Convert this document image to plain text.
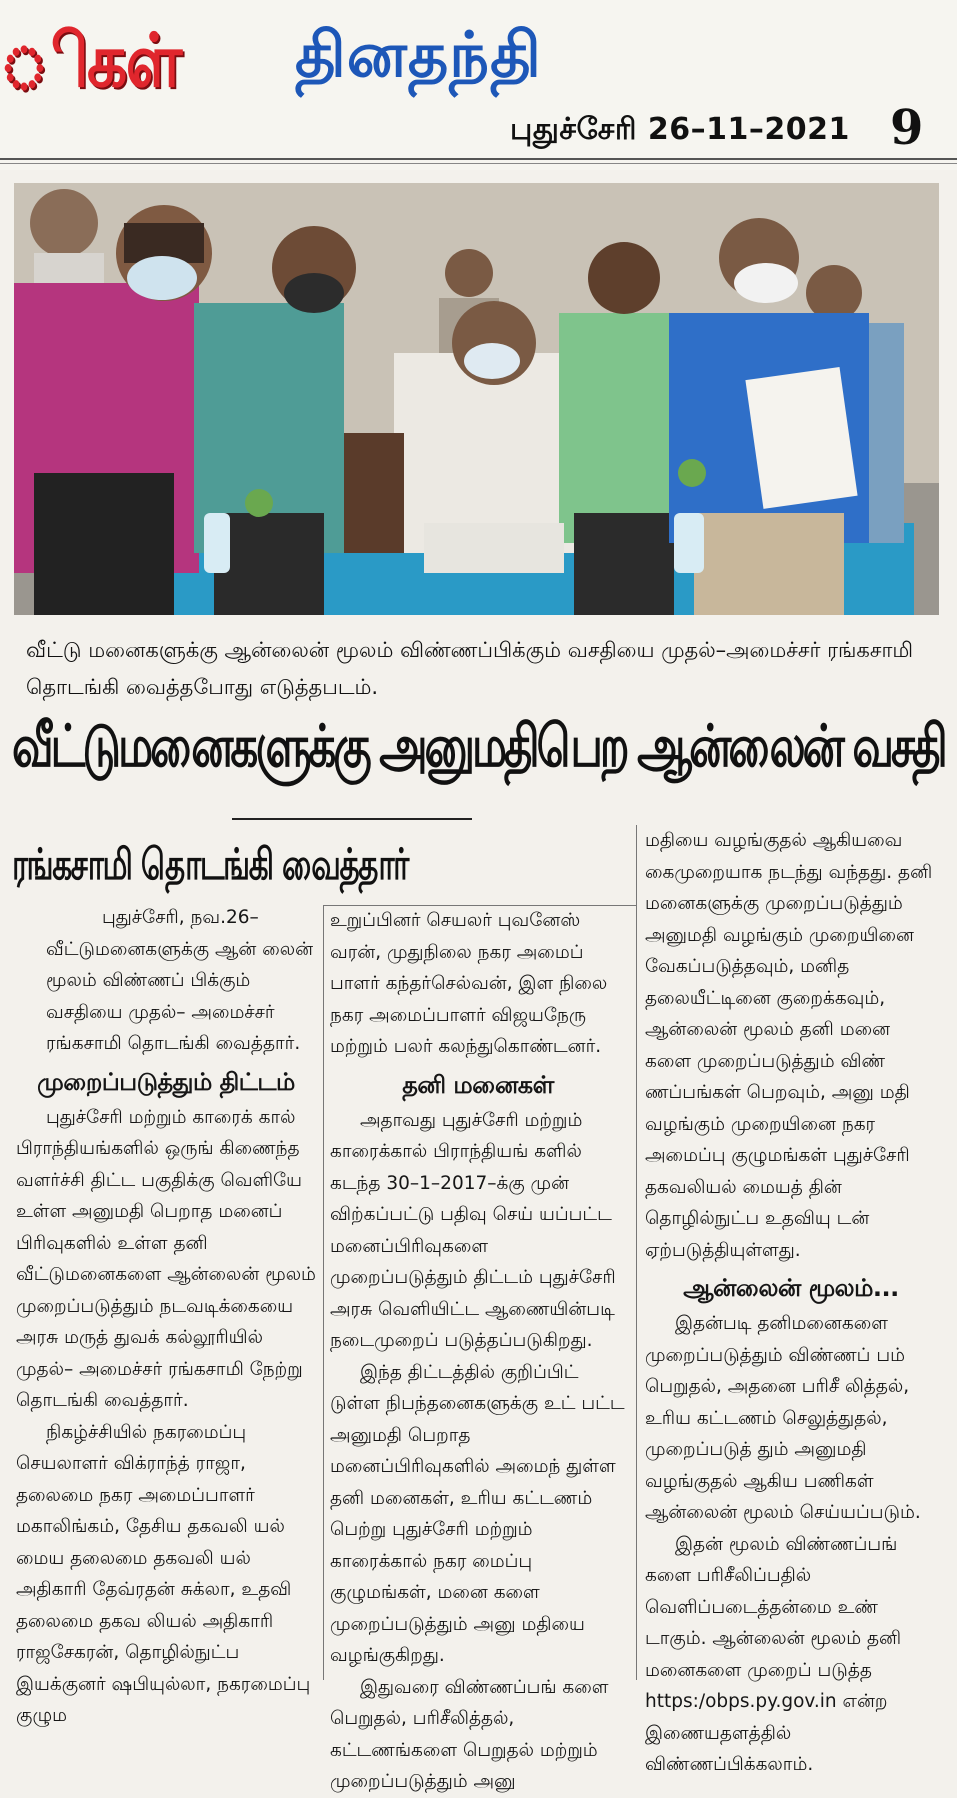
ிகள் தினதந்தி
புதுச்சேரி 26–11–2021 9
வீட்டு மனைகளுக்கு ஆன்லைன் மூலம் விண்ணப்பிக்கும் வசதியை முதல்–அமைச்சர் ரங்கசாமி தொடங்கி வைத்தபோது எடுத்தபடம்.
வீட்டுமனைகளுக்கு அனுமதிபெற ஆன்லைன் வசதி
ரங்கசாமி தொடங்கி வைத்தார்

புதுச்சேரி, நவ.26–

வீட்டுமனைகளுக்கு ஆன் லைன் மூலம் விண்ணப் பிக்கும் வசதியை முதல்– அமைச்சர் ரங்கசாமி தொடங்கி வைத்தார்.

முறைப்படுத்தும் திட்டம்

புதுச்சேரி மற்றும் காரைக் கால் பிராந்தியங்களில் ஒருங் கிணைந்த வளர்ச்சி திட்ட பகுதிக்கு வெளியே உள்ள அனுமதி பெறாத மனைப் பிரிவுகளில் உள்ள தனி வீட்டுமனைகளை ஆன்லைன் மூலம் முறைப்படுத்தும் நடவடிக்கையை அரசு மருத் துவக் கல்லூரியில் முதல்– அமைச்சர் ரங்கசாமி நேற்று தொடங்கி வைத்தார்.

நிகழ்ச்சியில் நகரமைப்பு செயலாளர் விக்ராந்த் ராஜா, தலைமை நகர அமைப்பாளர் மகாலிங்கம், தேசிய தகவலி யல் மைய தலைமை தகவலி யல் அதிகாரி தேவ்ரதன் சுக்லா, உதவி தலைமை தகவ லியல் அதிகாரி ராஜசேகரன், தொழில்நுட்ப இயக்குனர் ஷபியுல்லா, நகரமைப்பு குழும

உறுப்பினர் செயலர் புவனேஸ் வரன், முதுநிலை நகர அமைப் பாளர் கந்தர்செல்வன், இள நிலை நகர அமைப்பாளர் விஜயநேரு மற்றும் பலர் கலந்துகொண்டனர்.

தனி மனைகள்

அதாவது புதுச்சேரி மற்றும் காரைக்கால் பிராந்தியங் களில் கடந்த 30–1–2017–க்கு முன் விற்கப்பட்டு பதிவு செய் யப்பட்ட மனைப்பிரிவுகளை முறைப்படுத்தும் திட்டம் புதுச்சேரி அரசு வெளியிட்ட ஆணையின்படி நடைமுறைப் படுத்தப்படுகிறது.

இந்த திட்டத்தில் குறிப்பிட் டுள்ள நிபந்தனைகளுக்கு உட் பட்ட அனுமதி பெறாத மனைப்பிரிவுகளில் அமைந் துள்ள தனி மனைகள், உரிய கட்டணம் பெற்று புதுச்சேரி மற்றும் காரைக்கால் நகர மைப்பு குழுமங்கள், மனை களை முறைப்படுத்தும் அனு மதியை வழங்குகிறது.

இதுவரை விண்ணப்பங் களை பெறுதல், பரிசீலித்தல், கட்டணங்களை பெறுதல் மற்றும் முறைப்படுத்தும் அனு

மதியை வழங்குதல் ஆகியவை கைமுறையாக நடந்து வந்தது. தனி மனைகளுக்கு முறைப்படுத்தும் அனுமதி வழங்கும் முறையினை வேகப்படுத்தவும், மனித தலையீட்டினை குறைக்கவும், ஆன்லைன் மூலம் தனி மனை களை முறைப்படுத்தும் விண் ணப்பங்கள் பெறவும், அனு மதி வழங்கும் முறையினை நகர அமைப்பு குழுமங்கள் புதுச்சேரி தகவலியல் மையத் தின் தொழில்நுட்ப உதவியு டன் ஏற்படுத்தியுள்ளது.

ஆன்லைன் மூலம்...

இதன்படி தனிமனைகளை முறைப்படுத்தும் விண்ணப் பம் பெறுதல், அதனை பரிசீ லித்தல், உரிய கட்டணம் செலுத்துதல், முறைப்படுத் தும் அனுமதி வழங்குதல் ஆகிய பணிகள் ஆன்லைன் மூலம் செய்யப்படும்.

இதன் மூலம் விண்ணப்பங் களை பரிசீலிப்பதில் வெளிப்படைத்தன்மை உண் டாகும். ஆன்லைன் மூலம் தனி மனைகளை முறைப் படுத்த https:/obps.py.gov.in என்ற இணையதளத்தில் விண்ணப்பிக்கலாம்.
